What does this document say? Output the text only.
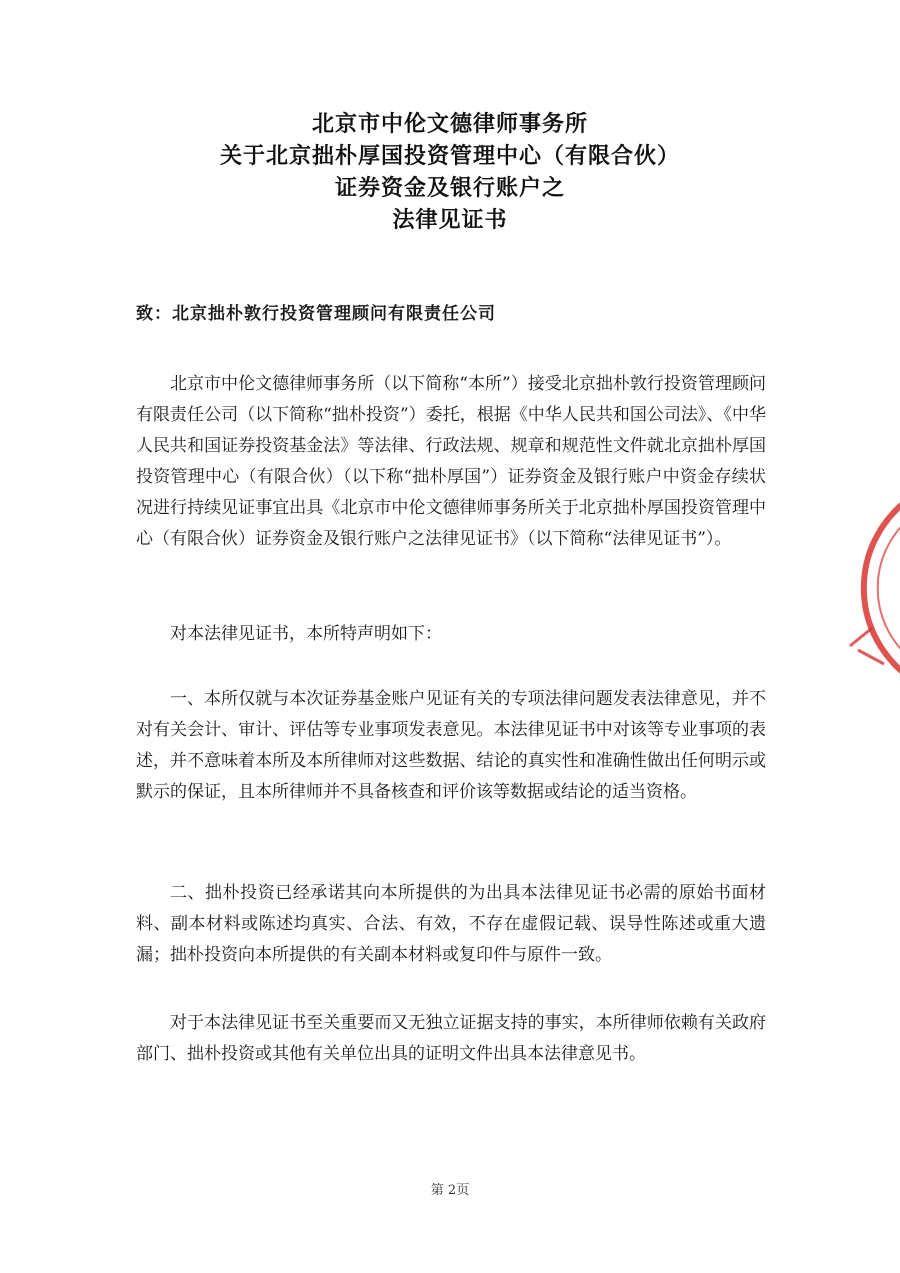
北京市中伦文德律师事务所
关于北京拙朴厚国投资管理中心（有限合伙）
证券资金及银行账户之
法律见证书
致：北京拙朴敦行投资管理顾问有限责任公司
北京市中伦文德律师事务所（以下简称“本所”）接受北京拙朴敦行投资管理顾问有限责任公司（以下简称“拙朴投资”）委托，根据《中华人民共和国公司法》、《中华人民共和国证券投资基金法》等法律、行政法规、规章和规范性文件就北京拙朴厚国投资管理中心（有限合伙）（以下称“拙朴厚国”）证券资金及银行账户中资金存续状况进行持续见证事宜出具《北京市中伦文德律师事务所关于北京拙朴厚国投资管理中心（有限合伙）证券资金及银行账户之法律见证书》（以下简称“法律见证书”）。
对本法律见证书，本所特声明如下：
一、本所仅就与本次证券基金账户见证有关的专项法律问题发表法律意见，并不对有关会计、审计、评估等专业事项发表意见。本法律见证书中对该等专业事项的表述，并不意味着本所及本所律师对这些数据、结论的真实性和准确性做出任何明示或默示的保证，且本所律师并不具备核查和评价该等数据或结论的适当资格。
二、拙朴投资已经承诺其向本所提供的为出具本法律见证书必需的原始书面材料、副本材料或陈述均真实、合法、有效，不存在虚假记载、误导性陈述或重大遗漏；拙朴投资向本所提供的有关副本材料或复印件与原件一致。
对于本法律见证书至关重要而又无独立证据支持的事实，本所律师依赖有关政府部门、拙朴投资或其他有关单位出具的证明文件出具本法律意见书。
第 2页
